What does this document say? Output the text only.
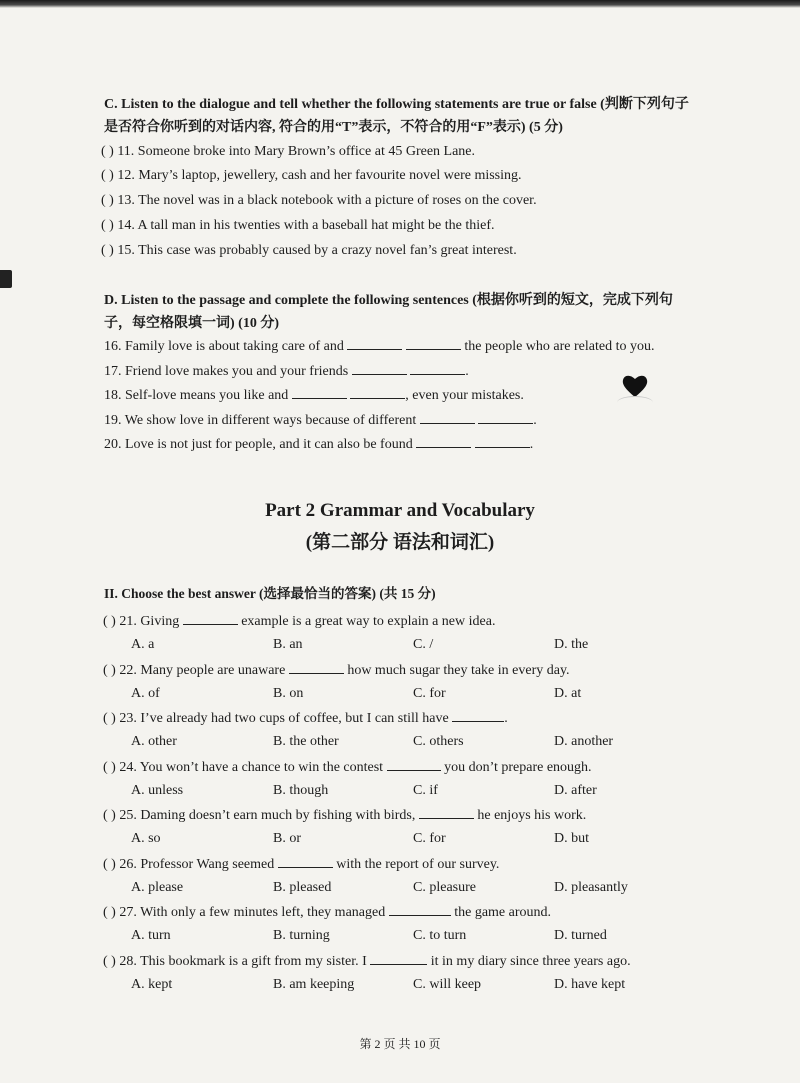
C. Listen to the dialogue and tell whether the following statements are true or false (判断下列句子
是否符合你听到的对话内容, 符合的用“T”表示，不符合的用“F”表示) (5 分)
( ) 11. Someone broke into Mary Brown’s office at 45 Green Lane.
( ) 12. Mary’s laptop, jewellery, cash and her favourite novel were missing.
( ) 13. The novel was in a black notebook with a picture of roses on the cover.
( ) 14. A tall man in his twenties with a baseball hat might be the thief.
( ) 15. This case was probably caused by a crazy novel fan’s great interest.
D. Listen to the passage and complete the following sentences (根据你听到的短文，完成下列句
子，每空格限填一词) (10 分)
16. Family love is about taking care of and	the people who are related to you.
17. Friend love makes you and your friends	.
18. Self-love means you like and	, even your mistakes.
19. We show love in different ways because of different	.
20. Love is not just for people, and it can also be found	.
Part 2 Grammar and Vocabulary
(第二部分 语法和词汇)
II. Choose the best answer (选择最恰当的答案) (共 15 分)
( ) 21. Giving	example is a great way to explain a new idea.
A. a	B. an	C. /	D. the
( ) 22. Many people are unaware	how much sugar they take in every day.
A. of	B. on	C. for	D. at
( ) 23. I’ve already had two cups of coffee, but I can still have	.
A. other	B. the other	C. others	D. another
( ) 24. You won’t have a chance to win the contest	you don’t prepare enough.
A. unless	B. though	C. if	D. after
( ) 25. Daming doesn’t earn much by fishing with birds,	he enjoys his work.
A. so	B. or	C. for	D. but
( ) 26. Professor Wang seemed	with the report of our survey.
A. please	B. pleased	C. pleasure	D. pleasantly
( ) 27. With only a few minutes left, they managed	the game around.
A. turn	B. turning	C. to turn	D. turned
( ) 28. This bookmark is a gift from my sister. I	it in my diary since three years ago.
A. kept	B. am keeping	C. will keep	D. have kept
第 2 页 共 10 页
